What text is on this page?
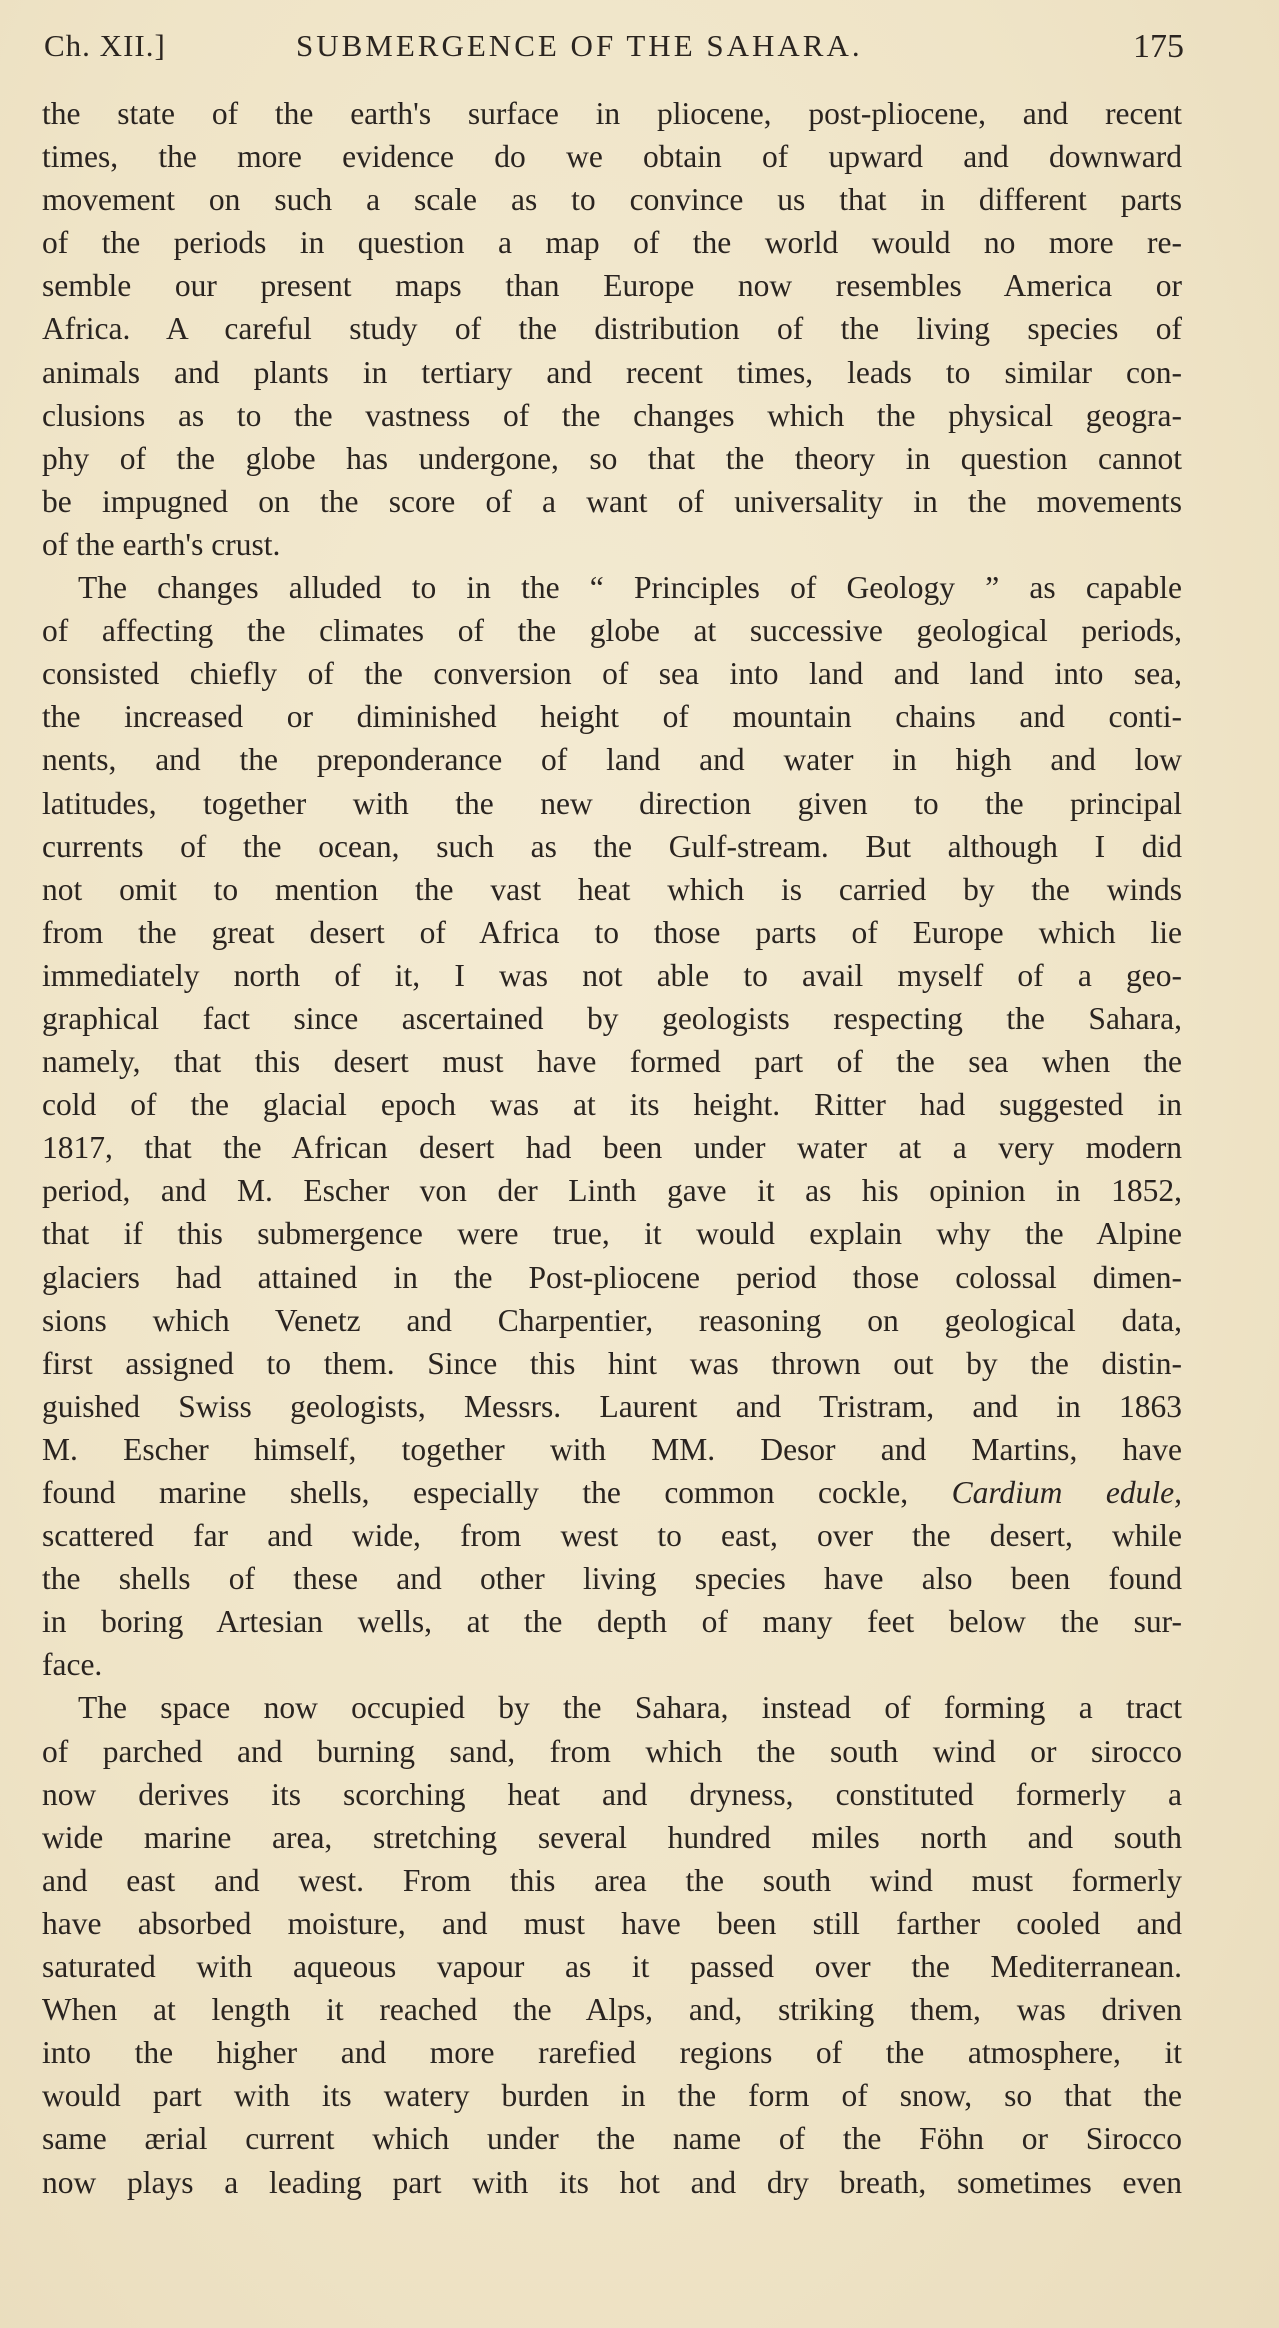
Ch. XII.]	SUBMERGENCE OF THE SAHARA.	175
the state of the earth's surface in pliocene, post-pliocene, and recent
times, the more evidence do we obtain of upward and downward
movement on such a scale as to convince us that in different parts
of the periods in question a map of the world would no more re-
semble our present maps than Europe now resembles America or
Africa. A careful study of the distribution of the living species of
animals and plants in tertiary and recent times, leads to similar con-
clusions as to the vastness of the changes which the physical geogra-
phy of the globe has undergone, so that the theory in question cannot
be impugned on the score of a want of universality in the movements
of the earth's crust.
The changes alluded to in the “ Principles of Geology ” as capable
of affecting the climates of the globe at successive geological periods,
consisted chiefly of the conversion of sea into land and land into sea,
the increased or diminished height of mountain chains and conti-
nents, and the preponderance of land and water in high and low
latitudes, together with the new direction given to the principal
currents of the ocean, such as the Gulf-stream. But although I did
not omit to mention the vast heat which is carried by the winds
from the great desert of Africa to those parts of Europe which lie
immediately north of it, I was not able to avail myself of a geo-
graphical fact since ascertained by geologists respecting the Sahara,
namely, that this desert must have formed part of the sea when the
cold of the glacial epoch was at its height. Ritter had suggested in
1817, that the African desert had been under water at a very modern
period, and M. Escher von der Linth gave it as his opinion in 1852,
that if this submergence were true, it would explain why the Alpine
glaciers had attained in the Post-pliocene period those colossal dimen-
sions which Venetz and Charpentier, reasoning on geological data,
first assigned to them. Since this hint was thrown out by the distin-
guished Swiss geologists, Messrs. Laurent and Tristram, and in 1863
M. Escher himself, together with MM. Desor and Martins, have
found marine shells, especially the common cockle, Cardium edule,
scattered far and wide, from west to east, over the desert, while
the shells of these and other living species have also been found
in boring Artesian wells, at the depth of many feet below the sur-
face.
The space now occupied by the Sahara, instead of forming a tract
of parched and burning sand, from which the south wind or sirocco
now derives its scorching heat and dryness, constituted formerly a
wide marine area, stretching several hundred miles north and south
and east and west. From this area the south wind must formerly
have absorbed moisture, and must have been still farther cooled and
saturated with aqueous vapour as it passed over the Mediterranean.
When at length it reached the Alps, and, striking them, was driven
into the higher and more rarefied regions of the atmosphere, it
would part with its watery burden in the form of snow, so that the
same ærial current which under the name of the Föhn or Sirocco
now plays a leading part with its hot and dry breath, sometimes even
